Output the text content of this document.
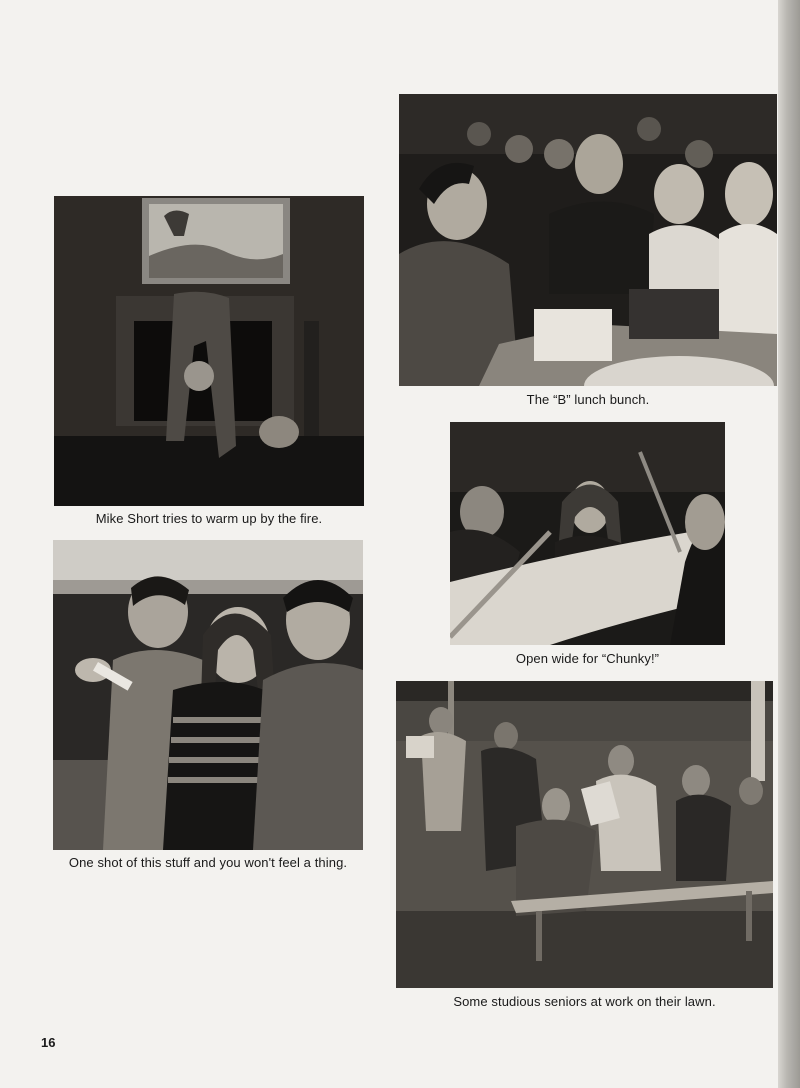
Mike Short tries to warm up by the fire.
One shot of this stuff and you won't feel a thing.
The “B” lunch bunch.
Open wide for “Chunky!”
Some studious seniors at work on their lawn.
16
